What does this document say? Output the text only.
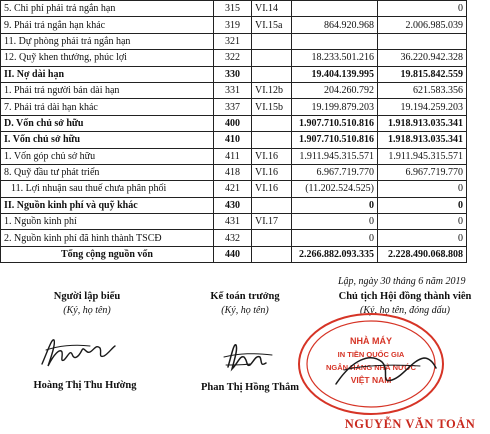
5. Chi phí phải trả ngắn hạn	315	VI.14		0
9. Phải trả ngắn hạn khác	319	VI.15a	864.920.968	2.006.985.039
11. Dự phòng phải trả ngắn hạn	321			
12. Quỹ khen thưởng, phúc lợi	322		18.233.501.216	36.220.942.328
II. Nợ dài hạn	330		19.404.139.995	19.815.842.559
1. Phải trả người bán dài hạn	331	VI.12b	204.260.792	621.583.356
7. Phải trả dài hạn khác	337	VI.15b	19.199.879.203	19.194.259.203
D. Vốn chủ sở hữu	400		1.907.710.510.816	1.918.913.035.341
I. Vốn chủ sở hữu	410		1.907.710.510.816	1.918.913.035.341
1. Vốn góp chủ sở hữu	411	VI.16	1.911.945.315.571	1.911.945.315.571
8. Quỹ đầu tư phát triển	418	VI.16	6.967.719.770	6.967.719.770
11. Lợi nhuận sau thuế chưa phân phối	421	VI.16	(11.202.524.525)	0
II. Nguồn kinh phí và quỹ khác	430		0	0
1. Nguồn kinh phí	431	VI.17	0	0
2. Nguồn kinh phí đã hình thành TSCĐ	432		0	0
Tổng cộng nguồn vốn	440		2.266.882.093.335	2.228.490.068.808
Lập, ngày 30 tháng 6 năm 2019
Người lập biểu
(Ký, họ tên)
Hoàng Thị Thu Hường
Kế toán trưởng
(Ký, họ tên)
Phan Thị Hồng Thắm
Chủ tịch Hội đồng thành viên
(Ký, họ tên, đóng dấu)
NHÀ MÁY
IN TIỀN QUỐC GIA
NGÂN HÀNG NHÀ NƯỚC
VIỆT NAM
NGUYỄN VĂN TOẢN
